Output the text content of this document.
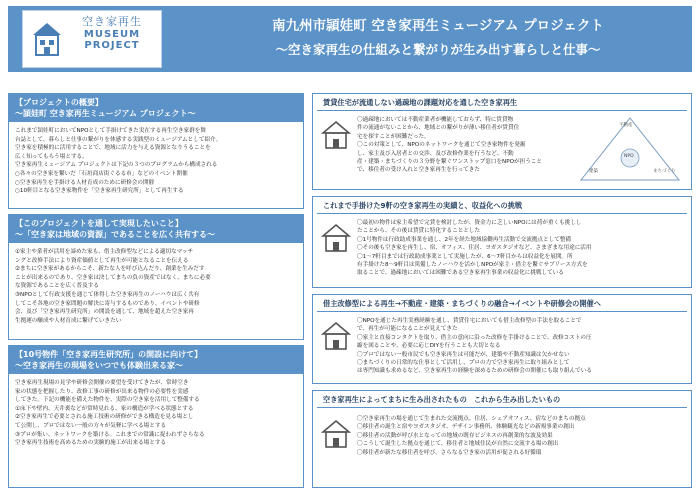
空き家再生
MUSEUM
PROJECT
南九州市頴娃町 空き家再生ミュージアム プロジェクト
〜空き家再生の仕組みと繋がりが生み出す暮らしと仕事〜
【プロジェクトの概要】
〜頴娃町 空き家再生ミュージアム プロジェクト〜

これまで頴娃町においてNPOとして手掛けてきた実在する再生空き家群を舞

台誌として、暮らしと仕事の繋がりを体感する実践型のミュージアムとして紹介。

空き家を積極的に活用することで、地域に活力を与える資源となりうることを

広く知ってもらう場とする。

空き家再生ミュージアム プロジェクトは下記の３つのプログラムから構成される

○各々の空き家を繋いだ「石垣商店街ぐるる市」などのイベント開催

○空き家再生を手掛ける人材育成のために研修会の開催

○10軒目となる空き家物件を「空き家再生研究所」として再生する

【このプロジェクトを通して実現したいこと】
〜「空き家は地域の資源」であることを広く共有する〜

①家主や業者が活用を諦めた家も、借主改修型などによる適切なマッチ

ングと改修手法により資産価値として再生が可能となることを伝える

②まちに空き家があるからこそ、新たな人を呼び込んだり、創業を生みだす

ことが出来るのであり、空き家は決してまちの負の資産ではなく、まちに必要

な資源であることを広く普及する

③NPOとして行政支援を通じて体得した空き家再生のノーハウは広く共有

してこそ各地の空き家問題の解決に寄与するものであり、イベントや研修

会、及び「空き家再生研究所」の開設を通して、地域を超えた空き家再

生拠運の醸成や人材育成に繋げていきたい

【10号物件「空き家再生研究所」の開設に向けて】
〜空き家再生の現場をいつでも体験出来る家〜

空き家再生現場の見学や研修会開催の要望を受けてきたが、常時空き

家の状態を把握したり、改修工事の研修が出来る物件の必要性を実感

してきた。下記の機能を備えた物件を、実際の空き家を活用して整備する

①床下や壁内、天井裏などが常時見れる、家の構造が学べる状態とする

②空き家再生で必要とされる施工技術の研修ができる構造を見る場とし

て公開し、プロではない一般の方々が気軽に学べる場とする

③プロが集い、ネットワークを築ける。これまでの常識に捉われずさらなる

空き家再生技術を高めるための実験的施工が出来る場とする

賃貸住宅が流通しない過疎地の課題対応を通した空き家再生

〇過疎地においては不動産業者が機能しておらず、特に賃貸物

件の流通がないことから、地域との繋がりが薄い移住者が賃貸住

宅を探すことが困難だった。

〇この対策として、NPOのネットワークを通じて空き家物件を発掘

し、家主及び入居者との交渉、及び改修作業を行うなど、不動

産・建築・まちづくりの３分野を繋ぐワンストップ窓口をNPOが担うこと

で、移住者の受け入れと空き家再生を行ってきた

不動産
建築	まちづくり
NPO
これまで手掛けた9軒の空き家再生の実績と、収益化への挑戦

〇最初の物件は家主希望で完賃を検討したが、資金力に乏しいNPOには荷が重くも挑しし

たことから、その後は賃貸に特化することとした

〇1号物件は行政助成事業を通し、2年を経た地域協働再生活動で交流拠点として整備

〇その後も空き家を再生し、宿、オフィス、住居、ヨガスタジオなど、さまざまな用途に活用

〇1〜7軒目までは行政助成事業として実施したが、6〜7軒目からは収益化を展開。所

有手掛けた8〜9軒目は篤備したノーハウを活かしNPOが家主・借主を繋ぐサブリース方式を

取ることで、過疎地においては困難である空き家再生事業の収益化に挑戦している

借主改修型による再生→不動産・建築・まちづくりの融合→イベントや研修会の開催へ

〇NPOを通じた再生実務経験を通し、賃貸住宅においても借主改修型の手法を取ることで

で、再生が可能になることが見えてきた

〇家主と直接コンタクトを取り、借主の意向に沿った改修を手掛けることで、改修コストの圧

縮を図ることや、必要に応じDIYを行うことも大切となる

〇プロではない一般市民でも空き家再生は可能だが、建築や不動産知識は欠かせない

〇まちづくりの日常的な仕事として活用し、プロの力で空き家再生に取り組みとして

は専門知識も求めるなど、空き家再生の経験を深めるための研修会の開催にも取り組んでいる

空き家再生によってまちに生み出されたもの　これから生み出したいもの

〇空き家再生の場を通じて生まれた交流拠点、住居、シェアオフィス、宿などのまちの拠点

〇移住者の誕生と宿やヨガスタジオ、デザイン事務所、体験観光などの新規事業の創出

〇移住者の活動が呼び水となっての地域の既存ビジネスの再創業的な波及効果

〇こうして誕生した拠点を通じて、移住者と地域住民が自然に交流する場の創出

〇移住者が新たな移住者を呼び、さらなる空き家の活用が促される好循環
